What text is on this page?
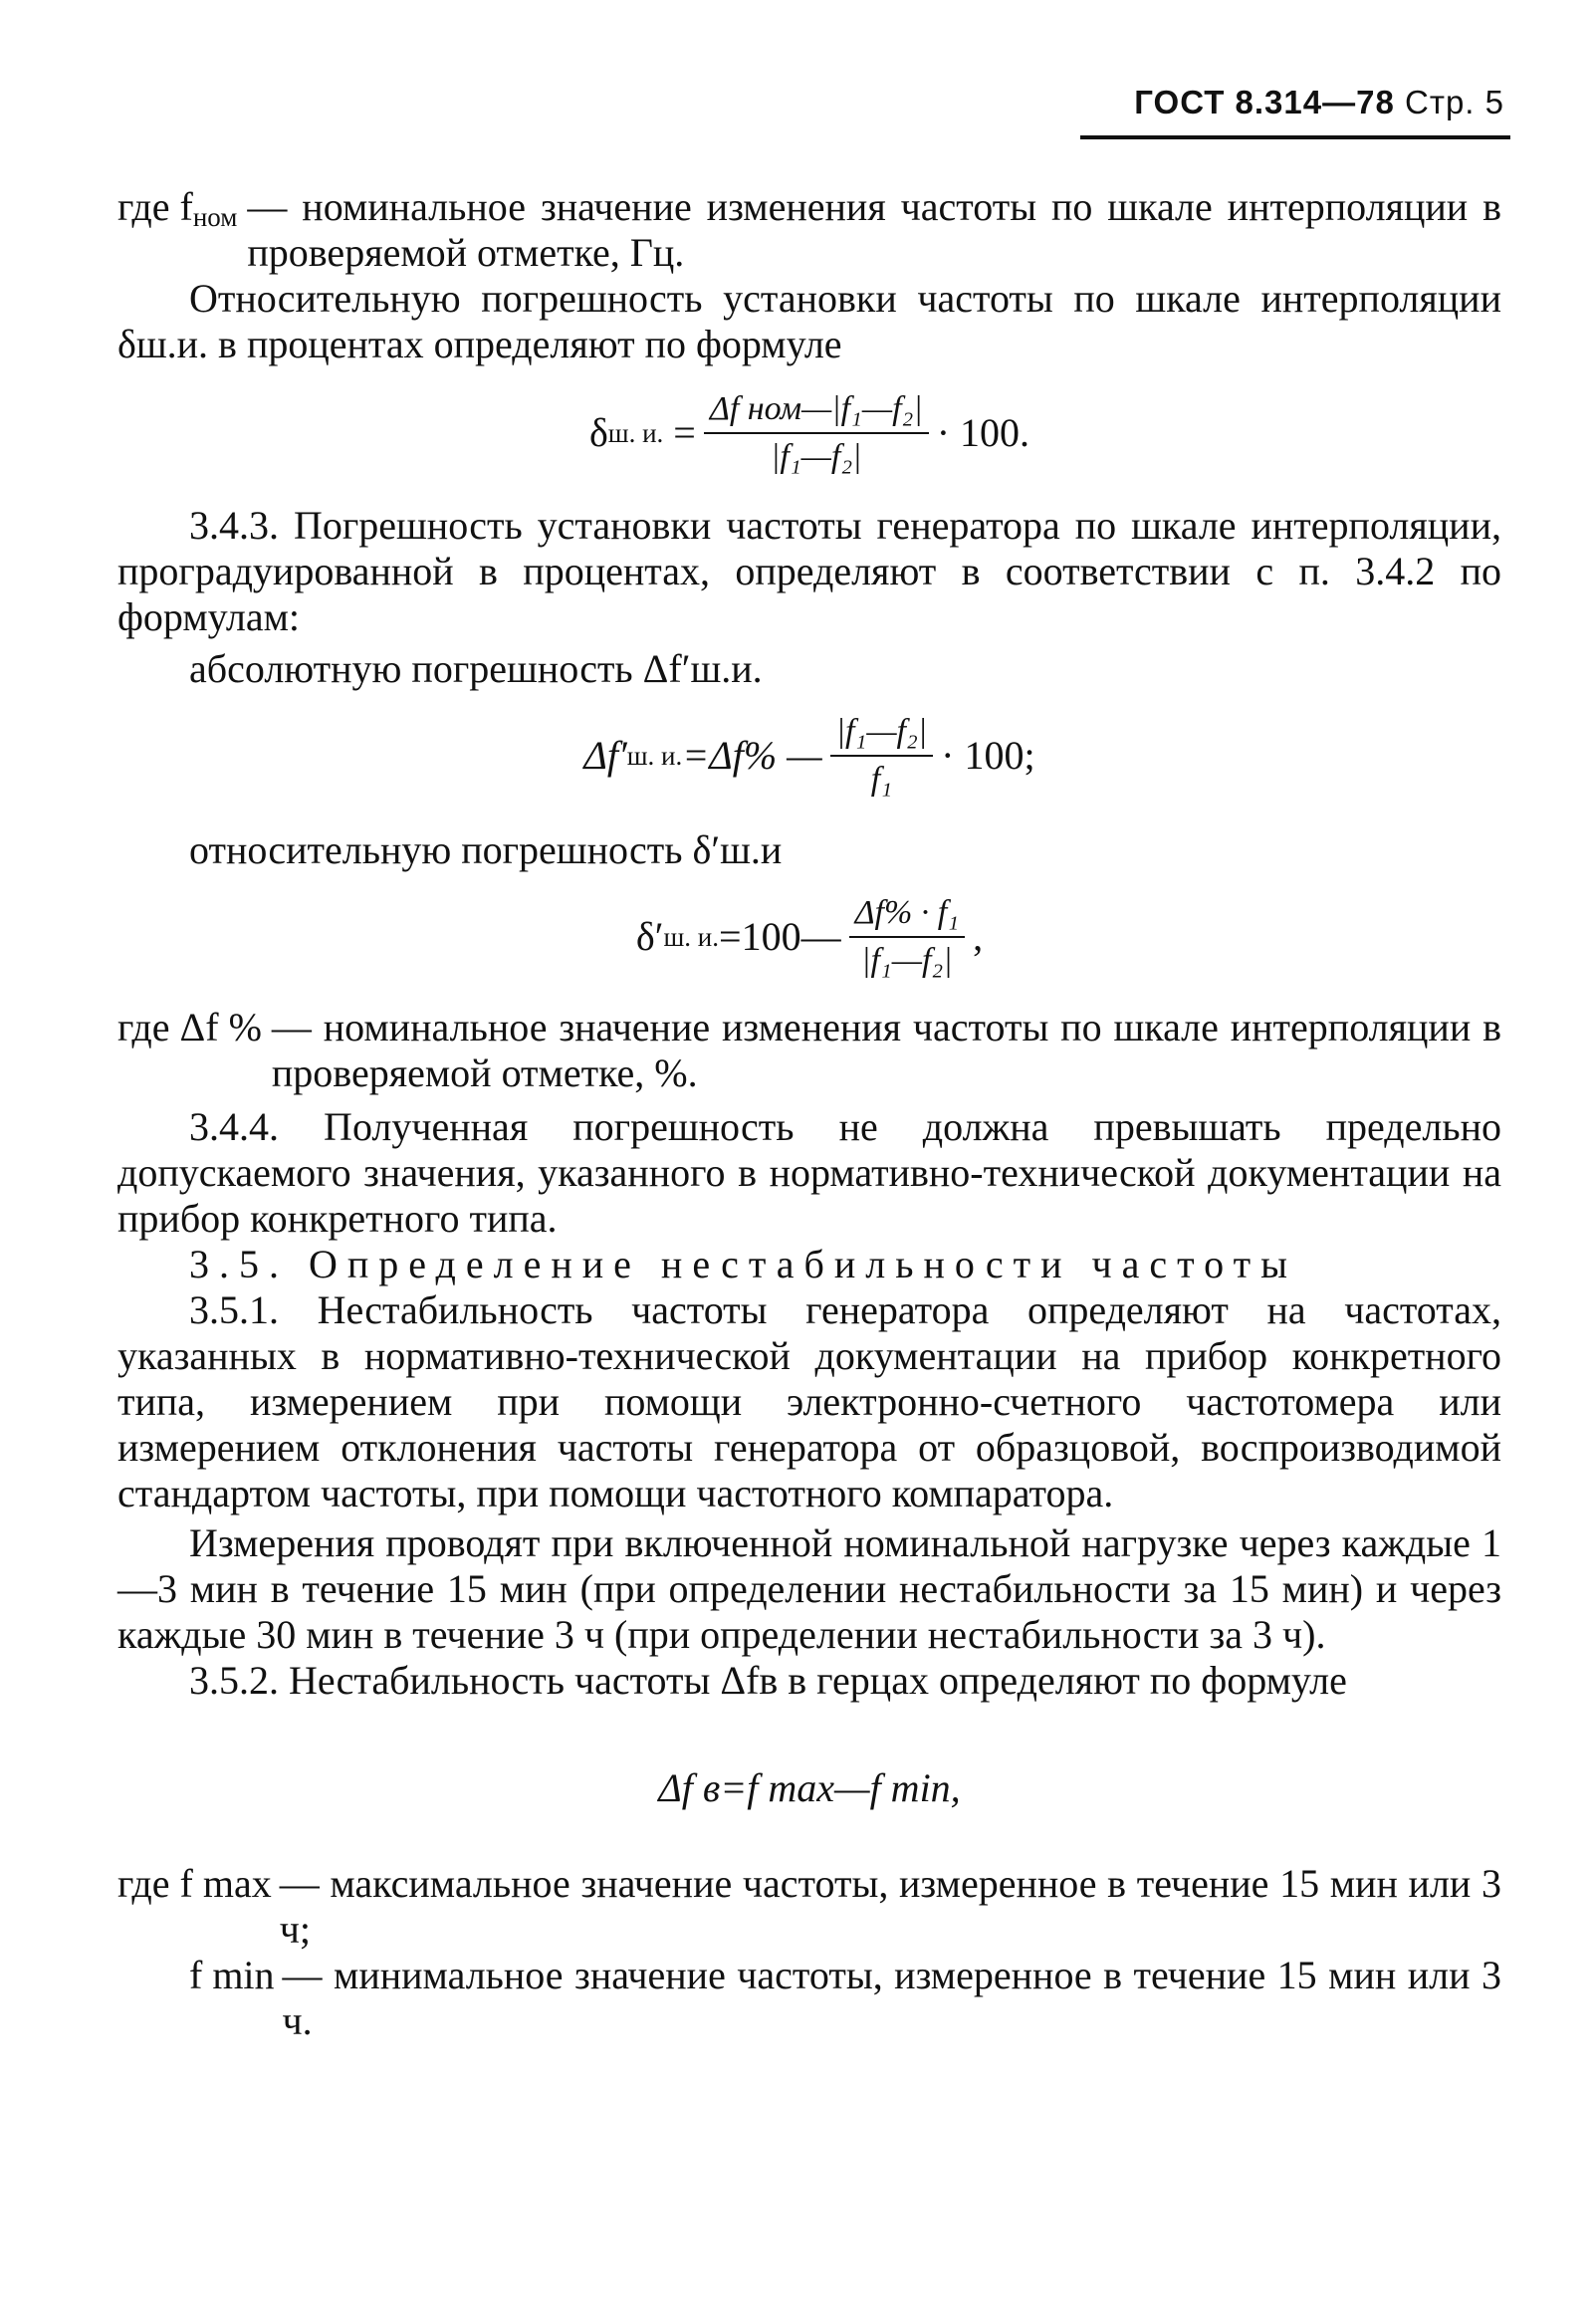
ГОСТ 8.314—78 Стр. 5
где $f_{ном}$ — номинальное значение изменения частоты по шкале интерполяции в проверяемой отметке, Гц.

Относительную погрешность установки частоты по шкале интерполяции δш.и. в процентах определяют по формуле

δ ш. и. = $\frac{\text{Δf ном—|f₁—f₂|}}{\text{|f₁—f₂|}} \cdot 100$.

3.4.3. Погрешность установки частоты генератора по шкале интерполяции, проградуированной в процентах, определяют в соответствии с п. 3.4.2 по формулам:

абсолютную погрешность Δf′ш.и.

Δf′ ш. и. =Δf% — $\frac{\text{|f₁—f₂|}}{\text{f₁}} \cdot 100$;

относительную погрешность δ′ш.и

δ′ ш. и. =100— $\frac{\text{Δf\% · f₁}}{\text{|f₁—f₂|}}$ ,
где Δf % — номинальное значение изменения частоты по шкале интерполяции в проверяемой отметке, %.

3.4.4. Полученная погрешность не должна превышать предельно допускаемого значения, указанного в нормативно-технической документации на прибор конкретного типа.

3.5. Определение нестабильности частоты

3.5.1. Нестабильность частоты генератора определяют на частотах, указанных в нормативно-технической документации на прибор конкретного типа, измерением при помощи электронно-счетного частотомера или измерением отклонения частоты генератора от образцовой, воспроизводимой стандартом частоты, при помощи частотного компаратора.

Измерения проводят при включенной номинальной нагрузке через каждые 1—3 мин в течение 15 мин (при определении нестабильности за 15 мин) и через каждые 30 мин в течение 3 ч (при определении нестабильности за 3 ч).

3.5.2. Нестабильность частоты Δfв в герцах определяют по формуле

Δf в=f max—f min,
где f max — максимальное значение частоты, измеренное в течение 15 мин или 3 ч;
f min — минимальное значение частоты, измеренное в течение 15 мин или 3 ч.
